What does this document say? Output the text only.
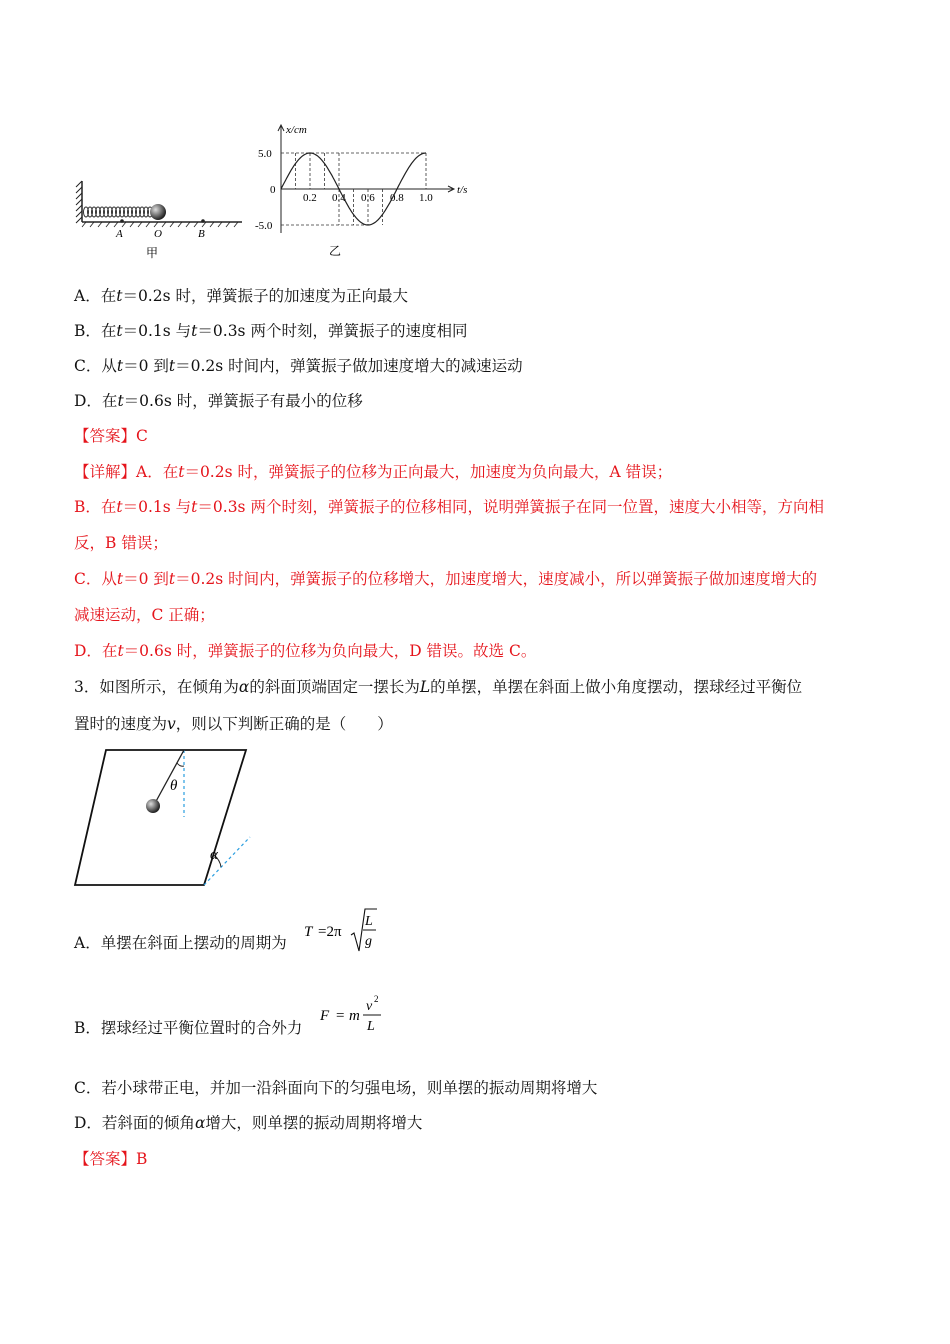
A	O	B
甲
x/cm
t/s
5.0
0
-5.0
0.2 0.4 0.6 0.8 1.0
乙
A．在t＝0.2s 时，弹簧振子的加速度为正向最大
B．在t＝0.1s 与t＝0.3s 两个时刻，弹簧振子的速度相同
C．从t＝0 到t＝0.2s 时间内，弹簧振子做加速度增大的减速运动
D．在t＝0.6s 时，弹簧振子有最小的位移
【答案】C
【详解】A．在t＝0.2s 时，弹簧振子的位移为正向最大，加速度为负向最大，A 错误；
B．在t＝0.1s 与t＝0.3s 两个时刻，弹簧振子的位移相同，说明弹簧振子在同一位置，速度大小相等，方向相
反，B 错误；
C．从t＝0 到t＝0.2s 时间内，弹簧振子的位移增大，加速度增大，速度减小，所以弹簧振子做加速度增大的
减速运动，C 正确；
D．在t＝0.6s 时，弹簧振子的位移为负向最大，D 错误。故选 C。
3．如图所示，在倾角为α的斜面顶端固定一摆长为L的单摆，单摆在斜面上做小角度摆动，摆球经过平衡位
置时的速度为v，则以下判断正确的是（　　）
θ
α
A．单摆在斜面上摆动的周期为
T =2π
L
g
B．摆球经过平衡位置时的合外力
F = m
v 2
L
C．若小球带正电，并加一沿斜面向下的匀强电场，则单摆的振动周期将增大
D．若斜面的倾角α增大，则单摆的振动周期将增大
【答案】B
